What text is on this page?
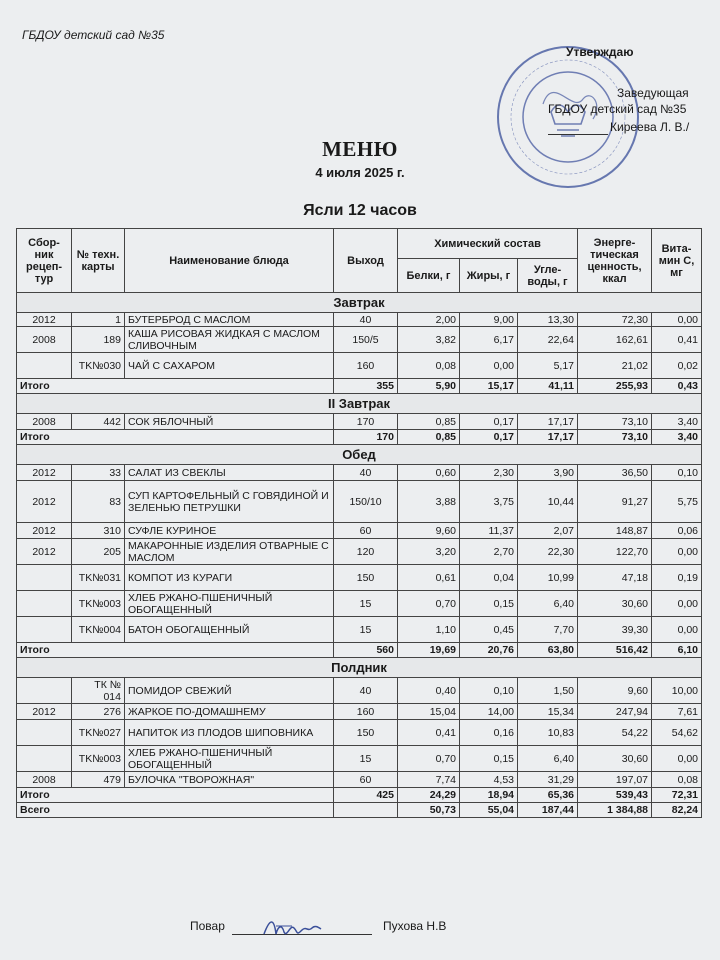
ГБДОУ детский сад №35
Утверждаю
Заведующая
ГБДОУ детский сад №35
Киреева Л. В./
МЕНЮ
4 июля 2025 г.
Ясли 12 часов
Сбор-ник рецеп-тур	№ техн. карты	Наименование блюда	Выход	Химический состав			Энерге-тическая ценность, ккал	Вита-мин С, мг
				Белки, г	Жиры, г	Угле-воды, г		
Завтрак								
2012	1	БУТЕРБРОД С МАСЛОМ	40	2,00	9,00	13,30	72,30	0,00
2008	189	КАША РИСОВАЯ ЖИДКАЯ С МАСЛОМ СЛИВОЧНЫМ	150/5	3,82	6,17	22,64	162,61	0,41
	TK№030	ЧАЙ С САХАРОМ	160	0,08	0,00	5,17	21,02	0,02
Итого			355	5,90	15,17	41,11	255,93	0,43
II Завтрак								
2008	442	СОК ЯБЛОЧНЫЙ	170	0,85	0,17	17,17	73,10	3,40
Итого			170	0,85	0,17	17,17	73,10	3,40
Обед								
2012	33	САЛАТ ИЗ СВЕКЛЫ	40	0,60	2,30	3,90	36,50	0,10
2012	83	СУП КАРТОФЕЛЬНЫЙ С ГОВЯДИНОЙ И ЗЕЛЕНЬЮ ПЕТРУШКИ	150/10	3,88	3,75	10,44	91,27	5,75
2012	310	СУФЛЕ КУРИНОЕ	60	9,60	11,37	2,07	148,87	0,06
2012	205	МАКАРОННЫЕ ИЗДЕЛИЯ ОТВАРНЫЕ С МАСЛОМ	120	3,20	2,70	22,30	122,70	0,00
	TK№031	КОМПОТ ИЗ КУРАГИ	150	0,61	0,04	10,99	47,18	0,19
	TK№003	ХЛЕБ РЖАНО-ПШЕНИЧНЫЙ ОБОГАЩЕННЫЙ	15	0,70	0,15	6,40	30,60	0,00
	TK№004	БАТОН ОБОГАЩЕННЫЙ	15	1,10	0,45	7,70	39,30	0,00
Итого			560	19,69	20,76	63,80	516,42	6,10
Полдник								
	ТК № 014	ПОМИДОР СВЕЖИЙ	40	0,40	0,10	1,50	9,60	10,00
2012	276	ЖАРКОЕ ПО-ДОМАШНЕМУ	160	15,04	14,00	15,34	247,94	7,61
	TK№027	НАПИТОК ИЗ ПЛОДОВ ШИПОВНИКА	150	0,41	0,16	10,83	54,22	54,62
	TK№003	ХЛЕБ РЖАНО-ПШЕНИЧНЫЙ ОБОГАЩЕННЫЙ	15	0,70	0,15	6,40	30,60	0,00
2008	479	БУЛОЧКА "ТВОРОЖНАЯ"	60	7,74	4,53	31,29	197,07	0,08
Итого			425	24,29	18,94	65,36	539,43	72,31
Всего				50,73	55,04	187,44	1 384,88	82,24
Повар	Пухова Н.В
